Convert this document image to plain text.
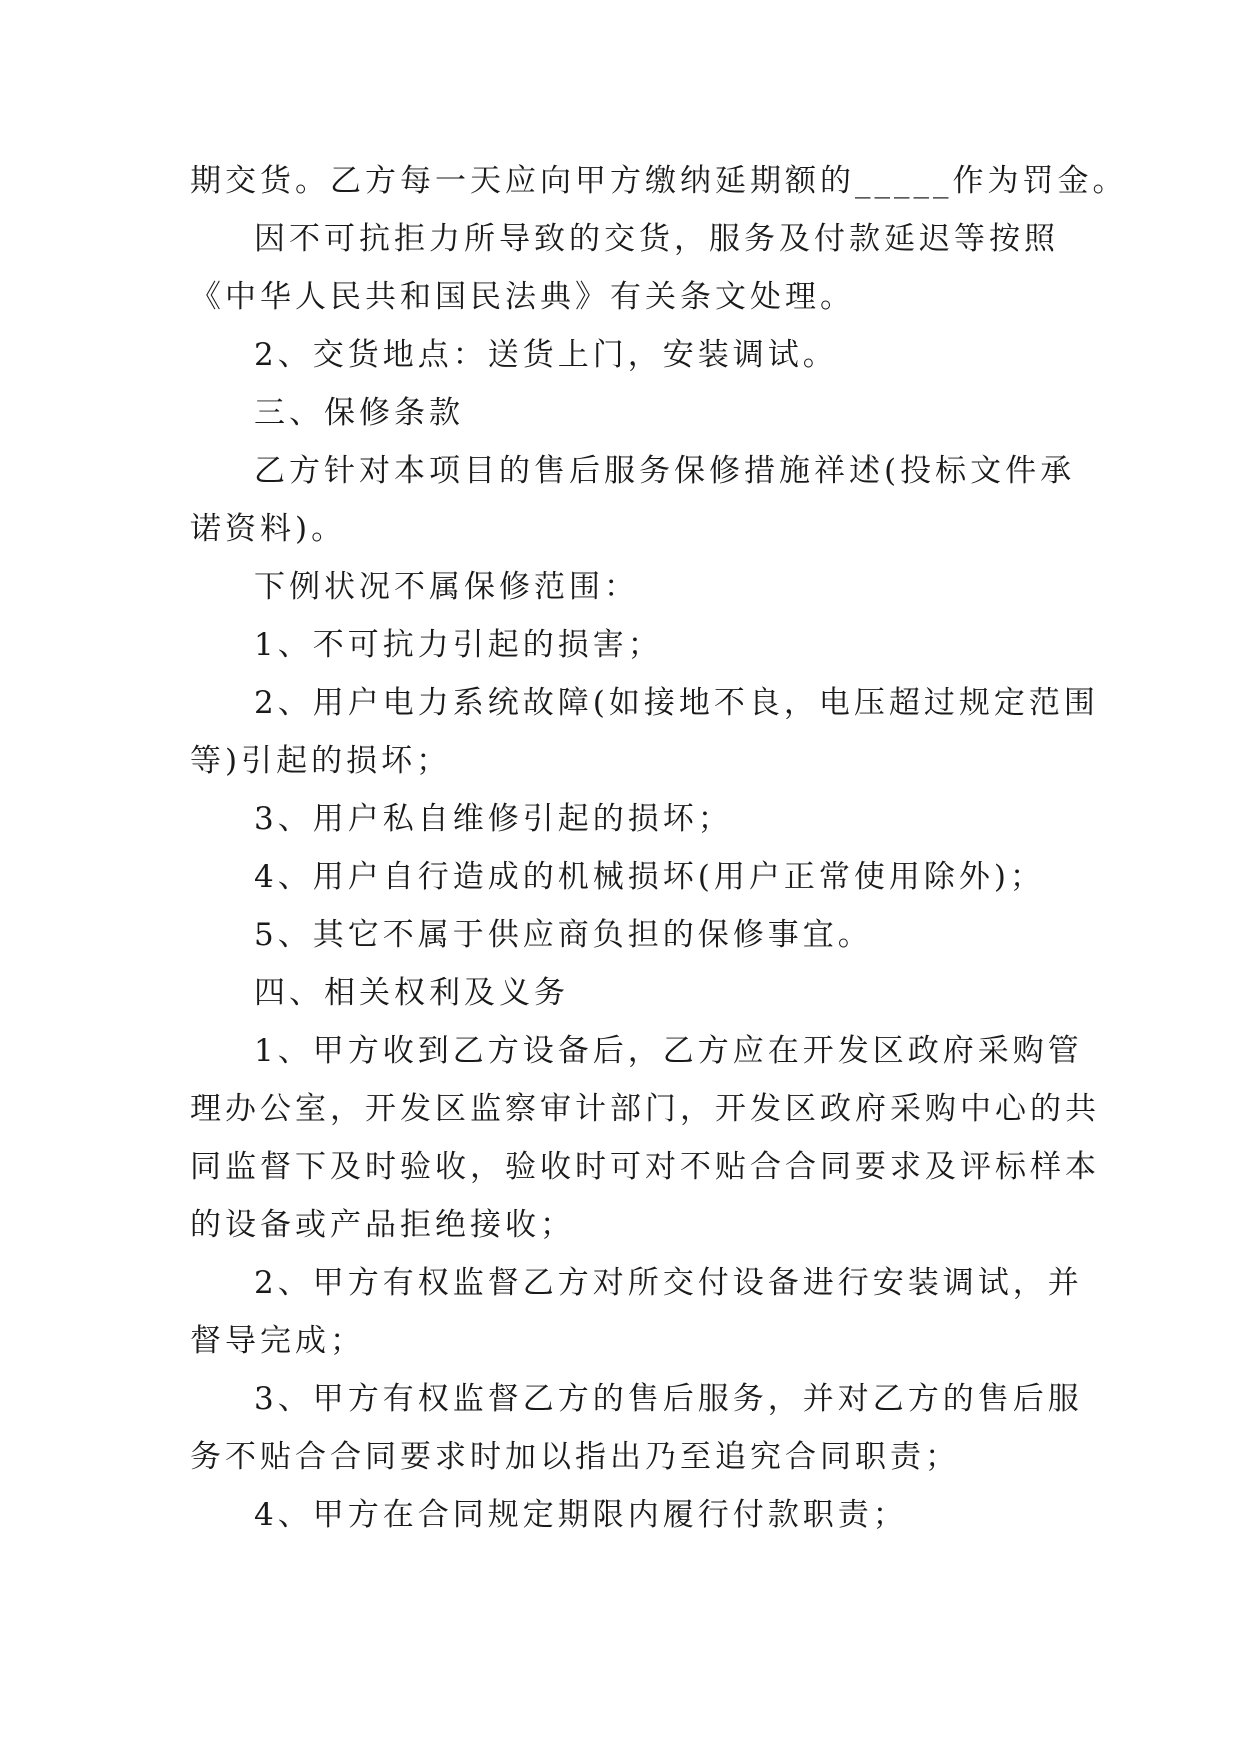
期交货。乙方每一天应向甲方缴纳延期额的_____作为罚金。
因不可抗拒力所导致的交货，服务及付款延迟等按照
《中华人民共和国民法典》有关条文处理。
2、交货地点：送货上门，安装调试。
三、保修条款
乙方针对本项目的售后服务保修措施祥述(投标文件承
诺资料)。
下例状况不属保修范围：
1、不可抗力引起的损害；
2、用户电力系统故障(如接地不良，电压超过规定范围
等)引起的损坏；
3、用户私自维修引起的损坏；
4、用户自行造成的机械损坏(用户正常使用除外)；
5、其它不属于供应商负担的保修事宜。
四、相关权利及义务
1、甲方收到乙方设备后，乙方应在开发区政府采购管
理办公室，开发区监察审计部门，开发区政府采购中心的共
同监督下及时验收，验收时可对不贴合合同要求及评标样本
的设备或产品拒绝接收；
2、甲方有权监督乙方对所交付设备进行安装调试，并
督导完成；
3、甲方有权监督乙方的售后服务，并对乙方的售后服
务不贴合合同要求时加以指出乃至追究合同职责；
4、甲方在合同规定期限内履行付款职责；
